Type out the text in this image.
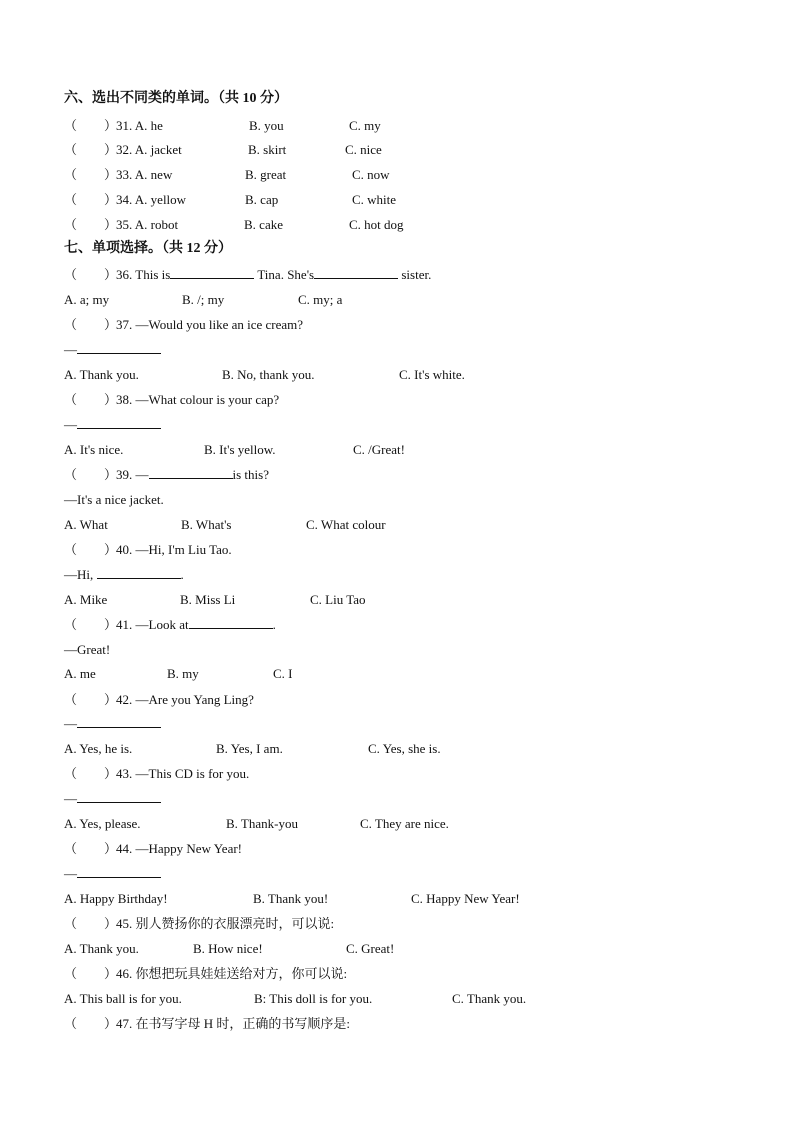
六、选出不同类的单词。（共 10 分）
（ ）31. A. he	B. you	C. my
（ ）32. A. jacket	B. skirt	C. nice
（ ）33. A. new	B. great	C. now
（ ）34. A. yellow	B. cap	C. white
（ ）35. A. robot	B. cake	C. hot dog
七、单项选择。（共 12 分）
（ ）36. This is	Tina. She's	sister.
A. a; my	B. /; my	C. my; a
（ ）37. —Would you like an ice cream?
—
A. Thank you.	B. No, thank you.	C. It's white.
（ ）38. —What colour is your cap?
—
A. It's nice.	B. It's yellow.	C. /Great!
（ ）39. —	is this?
—It's a nice jacket.
A. What	B. What's	C. What colour
（ ）40. —Hi, I'm Liu Tao.
—Hi,	.
A. Mike	B. Miss Li	C. Liu Tao
（ ）41. —Look at	.
—Great!
A. me	B. my	C. I
（ ）42. —Are you Yang Ling?
—
A. Yes, he is.	B. Yes, I am.	C. Yes, she is.
（ ）43. —This CD is for you.
—
A. Yes, please.	B. Thank-you	C. They are nice.
（ ）44. —Happy New Year!
—
A. Happy Birthday!	B. Thank you!	C. Happy New Year!
（ ）45. 别人赞扬你的衣服漂亮时，可以说:
A. Thank you.	B. How nice!	C. Great!
（ ）46. 你想把玩具娃娃送给对方，你可以说:
A. This ball is for you.	B: This doll is for you.	C. Thank you.
（ ）47. 在书写字母 H 时，正确的书写顺序是:
